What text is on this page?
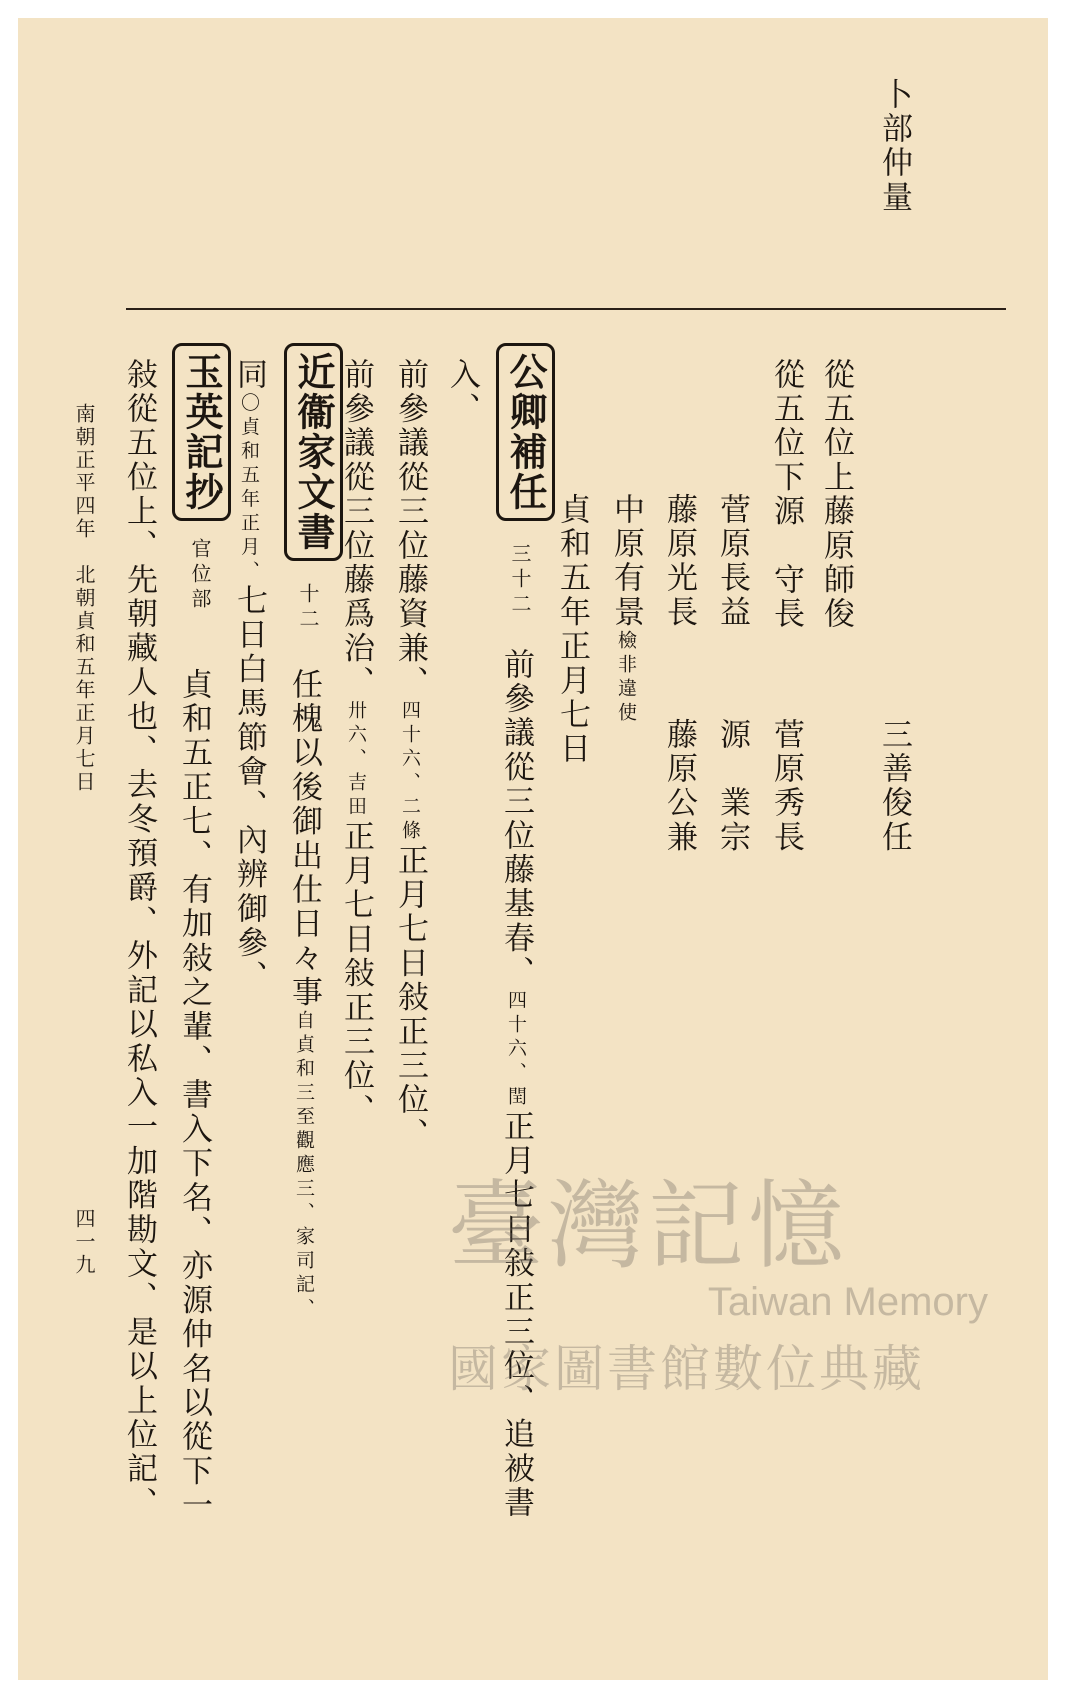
卜部仲量
三善俊任
從五位上藤原師俊
從五位下源　守長
菅原秀長
菅原長益
源　業宗
藤原光長
藤原公兼
中原有景檢非違使
貞和五年正月七日
公卿補任
三十二
前參議從三位藤基春、四十六、閏正月七日敍正三位、追被書
入、
前參議從三位藤資兼、四十六、二條正月七日敍正三位、
前參議從三位藤爲治、卅六、吉田正月七日敍正三位、
近衞家文書
十二
任槐以後御出仕日々事自貞和三至觀應三、家司記、
同〇貞和五年正月、七日白馬節會、內辨御參、
玉英記抄
官位部
貞和五正七、有加敍之輩、書入下名、亦源仲名以從下一
敍從五位上、先朝藏人也、去冬預爵、外記以私入一加階勘文、是以上位記、
南朝正平四年　北朝貞和五年正月七日
四一九	臺灣記憶
Taiwan Memory
國家圖書館數位典藏
